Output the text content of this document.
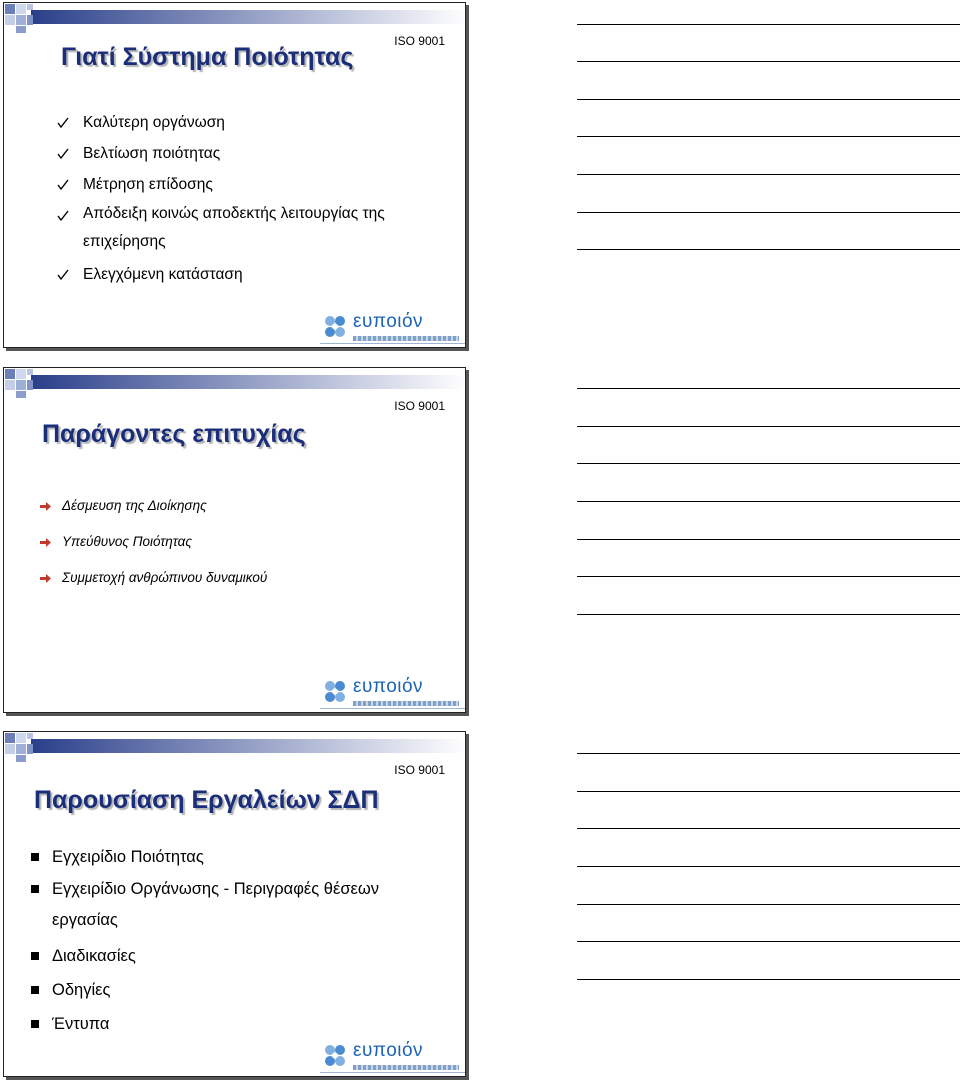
ISO 9001
Γιατί Σύστημα Ποιότητας
Καλύτερη οργάνωση
Βελτίωση ποιότητας
Μέτρηση επίδοσης
Απόδειξη κοινώς αποδεκτής λειτουργίας της επιχείρησης
Ελεγχόμενη κατάσταση
ευποιόν
ISO 9001
Παράγοντες επιτυχίας
Δέσμευση της Διοίκησης
Υπεύθυνος Ποιότητας
Συμμετοχή ανθρώπινου δυναμικού
ευποιόν
ISO 9001
Παρουσίαση Εργαλείων ΣΔΠ
Εγχειρίδιο Ποιότητας
Εγχειρίδιο Οργάνωσης - Περιγραφές θέσεων εργασίας
Διαδικασίες
Οδηγίες
Έντυπα
ευποιόν
